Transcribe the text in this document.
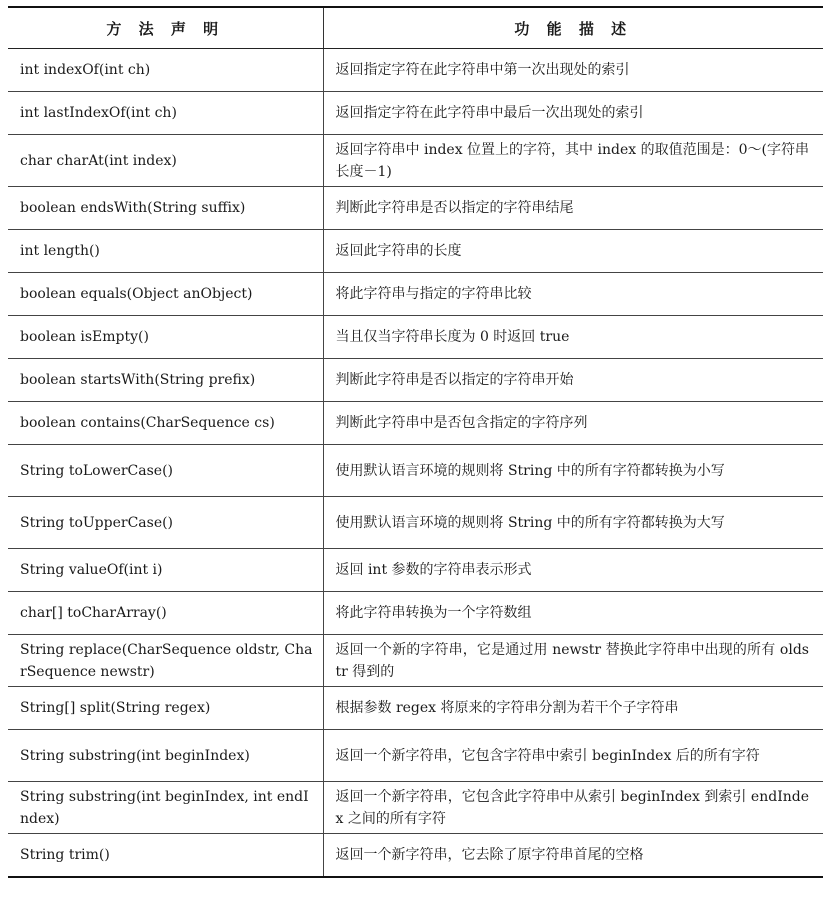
方 法 声 明	功 能 描 述
int indexOf(int ch)	返回指定字符在此字符串中第一次出现处的索引
int lastIndexOf(int ch)	返回指定字符在此字符串中最后一次出现处的索引
char charAt(int index)	返回字符串中 index 位置上的字符，其中 index 的取值范围是：0～(字符串长度－1)
boolean endsWith(String suffix)	判断此字符串是否以指定的字符串结尾
int length()	返回此字符串的长度
boolean equals(Object anObject)	将此字符串与指定的字符串比较
boolean isEmpty()	当且仅当字符串长度为 0 时返回 true
boolean startsWith(String prefix)	判断此字符串是否以指定的字符串开始
boolean contains(CharSequence cs)	判断此字符串中是否包含指定的字符序列
String toLowerCase()	使用默认语言环境的规则将 String 中的所有字符都转换为小写
String toUpperCase()	使用默认语言环境的规则将 String 中的所有字符都转换为大写
String valueOf(int i)	返回 int 参数的字符串表示形式
char[] toCharArray()	将此字符串转换为一个字符数组
String replace(CharSequence oldstr, CharSequence newstr)	返回一个新的字符串，它是通过用 newstr 替换此字符串中出现的所有 oldstr 得到的
String[] split(String regex)	根据参数 regex 将原来的字符串分割为若干个子字符串
String substring(int beginIndex)	返回一个新字符串，它包含字符串中索引 beginIndex 后的所有字符
String substring(int beginIndex, int endIndex)	返回一个新字符串，它包含此字符串中从索引 beginIndex 到索引 endIndex 之间的所有字符
String trim()	返回一个新字符串，它去除了原字符串首尾的空格
